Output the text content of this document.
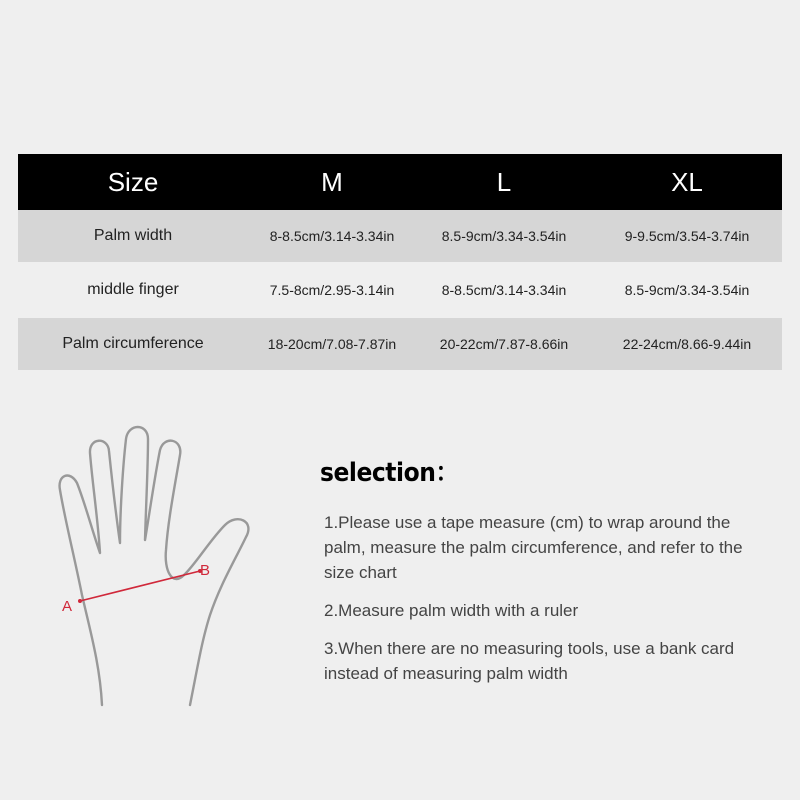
Size	M	L	XL
Palm width	8-8.5cm/3.14-3.34in	8.5-9cm/3.34-3.54in	9-9.5cm/3.54-3.74in
middle finger	7.5-8cm/2.95-3.14in	8-8.5cm/3.14-3.34in	8.5-9cm/3.34-3.54in
Palm circumference	18-20cm/7.08-7.87in	20-22cm/7.87-8.66in	22-24cm/8.66-9.44in
A
B
selection：
1.Please use a tape measure (cm) to wrap around the palm, measure the palm circumference, and refer to the size chart
2.Measure palm width with a ruler
3.When there are no measuring tools, use a bank card instead of measuring palm width
